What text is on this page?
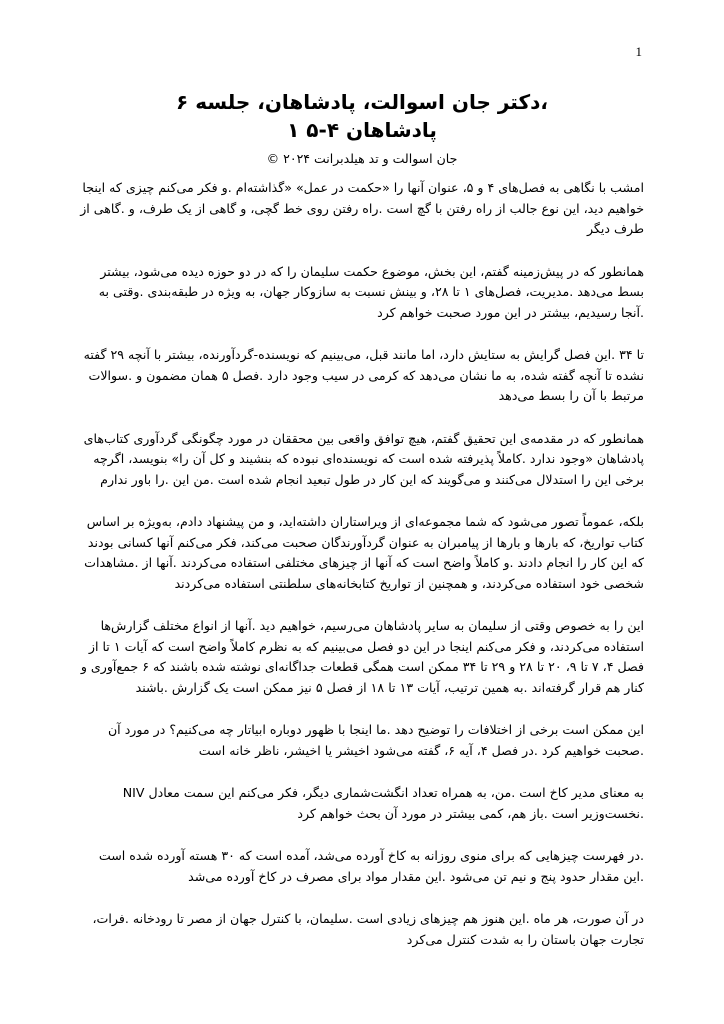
1
،دکتر جان اسوالت، پادشاهان، جلسه ۶
پادشاهان ۴-۵ ۱
جان اسوالت و تد هیلدبرانت ۲۰۲۴ ©

امشب با نگاهی به فصل‌های ۴ و ۵، عنوان آنها را «حکمت در عمل» «گذاشته‌ام .و فکر می‌کنم چیزی که اینجا خواهیم دید، این نوع جالب از راه رفتن با گچ است .راه رفتن روی خط گچی، و گاهی از یک طرف، و .گاهی از طرف دیگر

همانطور که در پیش‌زمینه گفتم، این بخش، موضوع حکمت سلیمان را که در دو حوزه دیده می‌شود، بیشتر بسط می‌دهد .مدیریت، فصل‌های ۱ تا ۲۸، و بینش نسبت به سازوکار جهان، به ویژه در طبقه‌بندی .وقتی به .آنجا رسیدیم، بیشتر در این مورد صحبت خواهم کرد

تا ۳۴ .این فصل گرایش به ستایش دارد، اما مانند قبل، می‌بینیم که نویسنده-گردآورنده، بیشتر با آنچه ۲۹ گفته نشده تا آنچه گفته شده، به ما نشان می‌دهد که کرمی در سیب وجود دارد .فصل ۵ همان مضمون و .سوالات مرتبط با آن را بسط می‌دهد

همانطور که در مقدمه‌ی این تحقیق گفتم، هیچ توافق واقعی بین محققان در مورد چگونگی گردآوری کتاب‌های پادشاهان «وجود ندارد .کاملاً پذیرفته شده است که نویسنده‌ای نبوده که بنشیند و کل آن را» بنویسد، اگرچه برخی این را استدلال می‌کنند و می‌گویند که این کار در طول تبعید انجام شده است .من این .را باور ندارم

بلکه، عموماً تصور می‌شود که شما مجموعه‌ای از ویراستاران داشته‌اید، و من پیشنهاد دادم، به‌ویژه بر اساس کتاب تواریخ، که بارها و بارها از پیامبران به عنوان گردآورندگان صحبت می‌کند، فکر می‌کنم آنها کسانی بودند که این کار را انجام دادند .و کاملاً واضح است که آنها از چیزهای مختلفی استفاده می‌کردند .آنها از .مشاهدات شخصی خود استفاده می‌کردند، و همچنین از تواریخ کتابخانه‌های سلطنتی استفاده می‌کردند

این را به خصوص وقتی از سلیمان به سایر پادشاهان می‌رسیم، خواهیم دید .آنها از انواع مختلف گزارش‌ها استفاده می‌کردند، و فکر می‌کنم اینجا در این دو فصل می‌بینیم که به نظرم کاملاً واضح است که آیات ۱ تا از فصل ۴، ۷ تا ۹، ۲۰ تا ۲۸ و ۲۹ تا ۳۴ ممکن است همگی قطعات جداگانه‌ای نوشته شده باشند که ۶ جمع‌آوری و کنار هم قرار گرفته‌اند .به همین ترتیب، آیات ۱۳ تا ۱۸ از فصل ۵ نیز ممکن است یک گزارش .باشند

این ممکن است برخی از اختلافات را توضیح دهد .ما اینجا با ظهور دوباره ابیاتار چه می‌کنیم؟ در مورد آن .صحبت خواهیم کرد .در فصل ۴، آیه ۶، گفته می‌شود اخیشر یا اخیشر، ناظر خانه است

به معنای مدیر کاخ است .من، به همراه تعداد انگشت‌شماری دیگر، فکر می‌کنم این سمت معادل NIV .نخست‌وزیر است .باز هم، کمی بیشتر در مورد آن بحث خواهم کرد

.در فهرست چیزهایی که برای منوی روزانه به کاخ آورده می‌شد، آمده است که ۳۰ هسته آورده شده است .این مقدار حدود پنج و نیم تن می‌شود .این مقدار مواد برای مصرف در کاخ آورده می‌شد

در آن صورت، هر ماه .این هنوز هم چیزهای زیادی است .سلیمان، با کنترل جهان از مصر تا رودخانه .فرات، تجارت جهان باستان را به شدت کنترل می‌کرد
